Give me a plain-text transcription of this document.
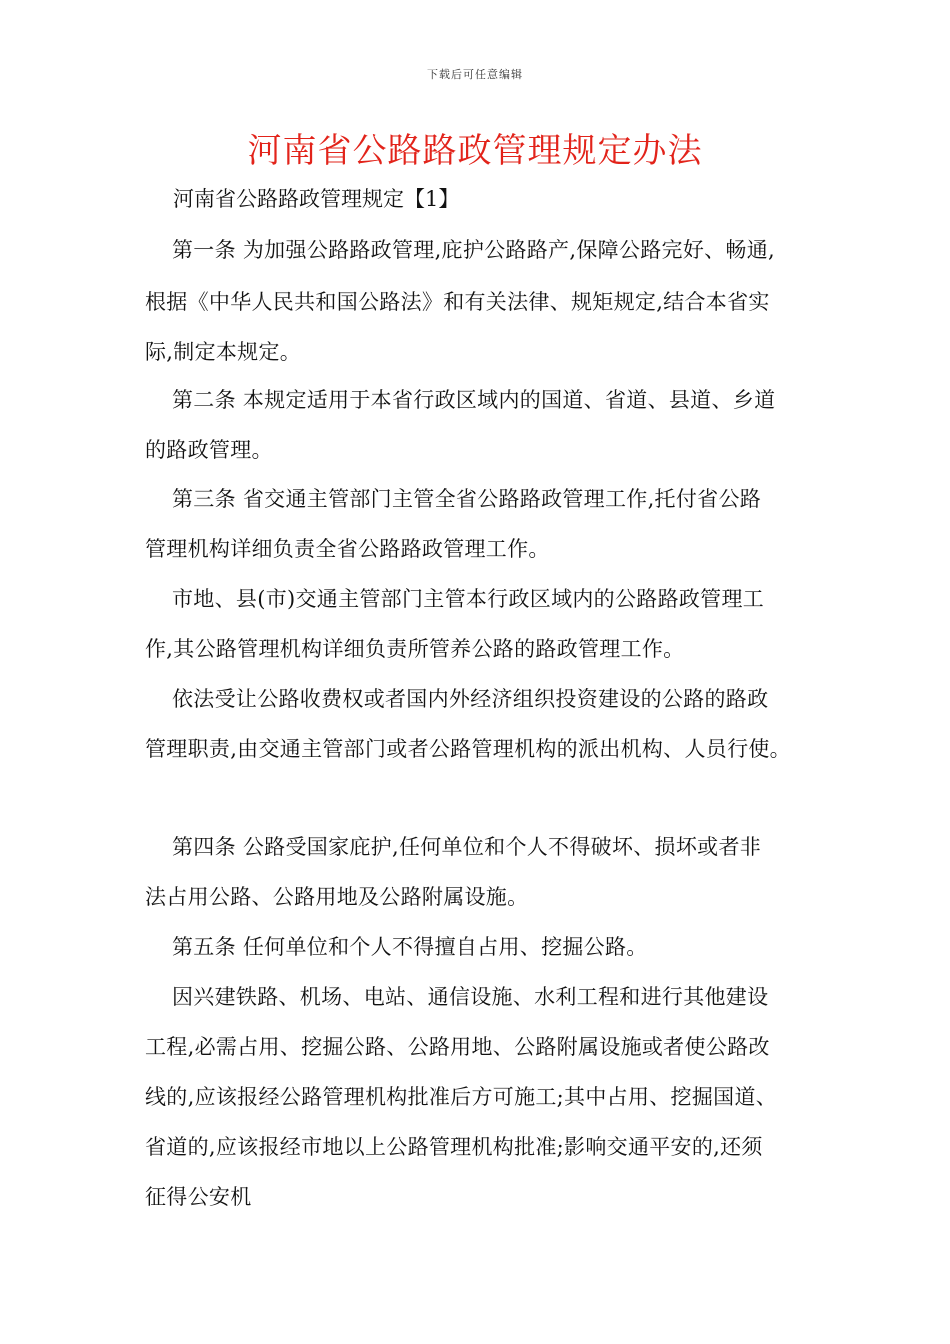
下载后可任意编辑
河南省公路路政管理规定办法
河南省公路路政管理规定【1】
第一条 为加强公路路政管理,庇护公路路产,保障公路完好、畅通,
根据《中华人民共和国公路法》和有关法律、规矩规定,结合本省实
际,制定本规定。
第二条 本规定适用于本省行政区域内的国道、省道、县道、乡道
的路政管理。
第三条 省交通主管部门主管全省公路路政管理工作,托付省公路
管理机构详细负责全省公路路政管理工作。
市地、县(市)交通主管部门主管本行政区域内的公路路政管理工
作,其公路管理机构详细负责所管养公路的路政管理工作。
依法受让公路收费权或者国内外经济组织投资建设的公路的路政
管理职责,由交通主管部门或者公路管理机构的派出机构、人员行使。
第四条 公路受国家庇护,任何单位和个人不得破坏、损坏或者非
法占用公路、公路用地及公路附属设施。
第五条 任何单位和个人不得擅自占用、挖掘公路。
因兴建铁路、机场、电站、通信设施、水利工程和进行其他建设
工程,必需占用、挖掘公路、公路用地、公路附属设施或者使公路改
线的,应该报经公路管理机构批准后方可施工;其中占用、挖掘国道、
省道的,应该报经市地以上公路管理机构批准;影响交通平安的,还须
征得公安机
